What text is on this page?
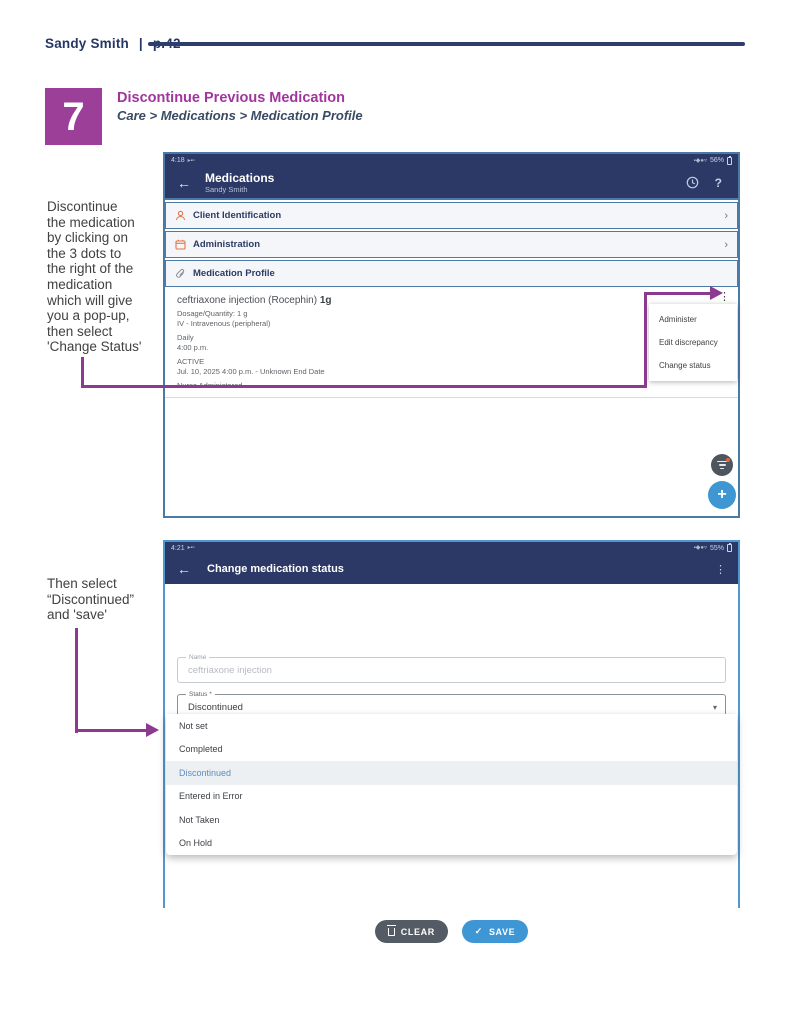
Sandy Smith |
7 Discontinue Previous Medication
Care > Medications > Medication Profile
Discontinue
the medication
by clicking on
the 3 dots to
the right of the
medication
which will give
you a pop-up,
then select
'Change Status'
Then select
“Discontinued”
and 'save'
4:18 ▸▪▫	▪◆●▿ 56%
← Medications
Sandy Smith	?
Client Identification	›
Administration	›
Medication Profile
ceftriaxone injection (Rocephin) 1g
Dosage/Quantity: 1 g
IV - Intravenous (peripheral)
Daily
4:00 p.m.
ACTIVE
Jul. 10, 2025 4:00 p.m. - Unknown End Date
⋮
Administer
Edit discrepancy
Change status
+
4:21 ▸▪▫	▪◆●▿ 55%
← Change medication status	⋮
Name
ceftriaxone injection
Status *
Discontinued	▾
Not set
Completed
Discontinued
Entered in Error
Not Taken
On Hold
CLEAR	✓ SAVE
